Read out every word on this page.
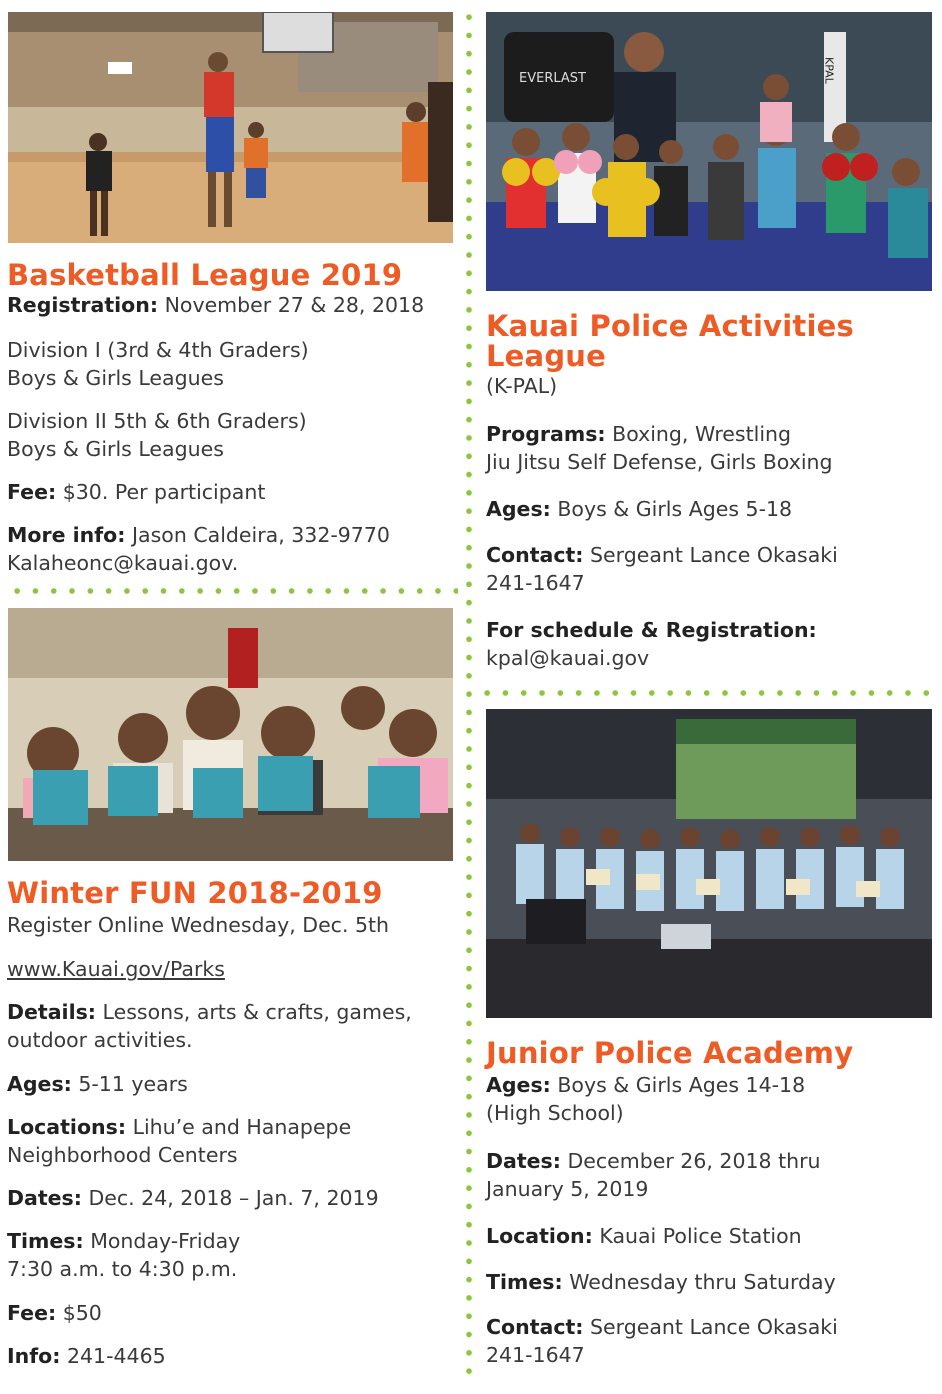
Basketball League 2019
Registration: November 27 & 28, 2018
Division I (3rd & 4th Graders)
Boys & Girls Leagues
Division II 5th & 6th Graders)
Boys & Girls Leagues
Fee: $30. Per participant
More info: Jason Caldeira, 332-9770
Kalaheonc@kauai.gov.
Winter FUN 2018-2019
Register Online Wednesday, Dec. 5th
www.Kauai.gov/Parks
Details: Lessons, arts & crafts, games,
outdoor activities.
Ages: 5-11 years
Locations: Lihu’e and Hanapepe
Neighborhood Centers
Dates: Dec. 24, 2018 – Jan. 7, 2019
Times: Monday-Friday
7:30 a.m. to 4:30 p.m.
Fee: $50
Info: 241-4465
EVERLAST	KPAL
Kauai Police Activities
League
(K-PAL)
Programs: Boxing, Wrestling
Jiu Jitsu Self Defense, Girls Boxing
Ages: Boys & Girls Ages 5-18
Contact: Sergeant Lance Okasaki
241-1647
For schedule & Registration:
kpal@kauai.gov
Junior Police Academy
Ages: Boys & Girls Ages 14-18
(High School)
Dates: December 26, 2018 thru
January 5, 2019
Location: Kauai Police Station
Times: Wednesday thru Saturday
Contact: Sergeant Lance Okasaki
241-1647
